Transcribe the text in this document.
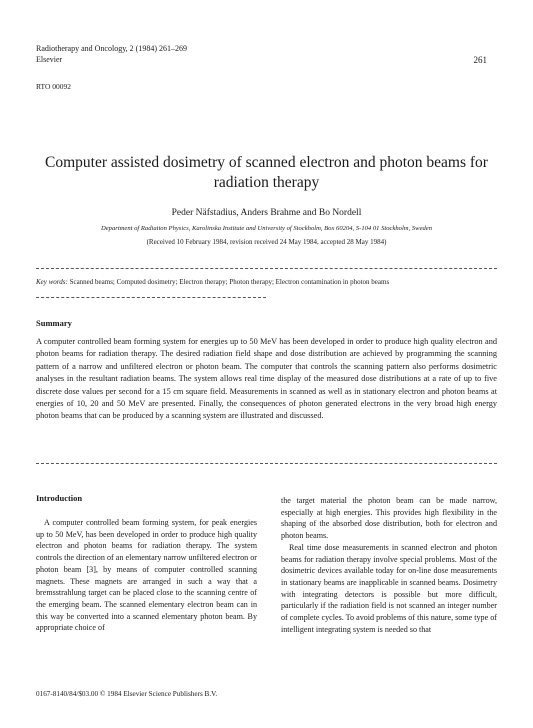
Radiotherapy and Oncology, 2 (1984) 261–269
Elsevier	261
RTO 00092
Computer assisted dosimetry of scanned electron and photon beams for radiation therapy
Peder Näfstadius, Anders Brahme and Bo Nordell
Department of Radiation Physics, Karolinska Institute and University of Stockholm, Box 60204, S-104 01 Stockholm, Sweden
(Received 10 February 1984, revision received 24 May 1984, accepted 28 May 1984)
Key words: Scanned beams; Computed dosimetry; Electron therapy; Photon therapy; Electron contamination in photon beams
Summary
A computer controlled beam forming system for energies up to 50 MeV has been developed in order to produce high quality electron and photon beams for radiation therapy. The desired radiation field shape and dose distribution are achieved by programming the scanning pattern of a narrow and unfiltered electron or photon beam. The computer that controls the scanning pattern also performs dosimetric analyses in the resultant radiation beams. The system allows real time display of the measured dose distributions at a rate of up to five discrete dose values per second for a 15 cm square field. Measurements in scanned as well as in stationary electron and photon beams at energies of 10, 20 and 50 MeV are presented. Finally, the consequences of photon generated electrons in the very broad high energy photon beams that can be produced by a scanning system are illustrated and discussed.
Introduction

A computer controlled beam forming system, for peak energies up to 50 MeV, has been developed in order to produce high quality electron and photon beams for radiation therapy. The system controls the direction of an elementary narrow unfiltered electron or photon beam [3], by means of computer controlled scanning magnets. These magnets are arranged in such a way that a bremsstrahlung target can be placed close to the scanning centre of the emerging beam. The scanned elementary electron beam can in this way be converted into a scanned elementary photon beam. By appropriate choice of

the target material the photon beam can be made narrow, especially at high energies. This provides high flexibility in the shaping of the absorbed dose distribution, both for electron and photon beams.

Real time dose measurements in scanned electron and photon beams for radiation therapy involve special problems. Most of the dosimetric devices available today for on-line dose measurements in stationary beams are inapplicable in scanned beams. Dosimetry with integrating detectors is possible but more difficult, particularly if the radiation field is not scanned an integer number of complete cycles. To avoid problems of this nature, some type of intelligent integrating system is needed so that

0167-8140/84/$03.00 © 1984 Elsevier Science Publishers B.V.
